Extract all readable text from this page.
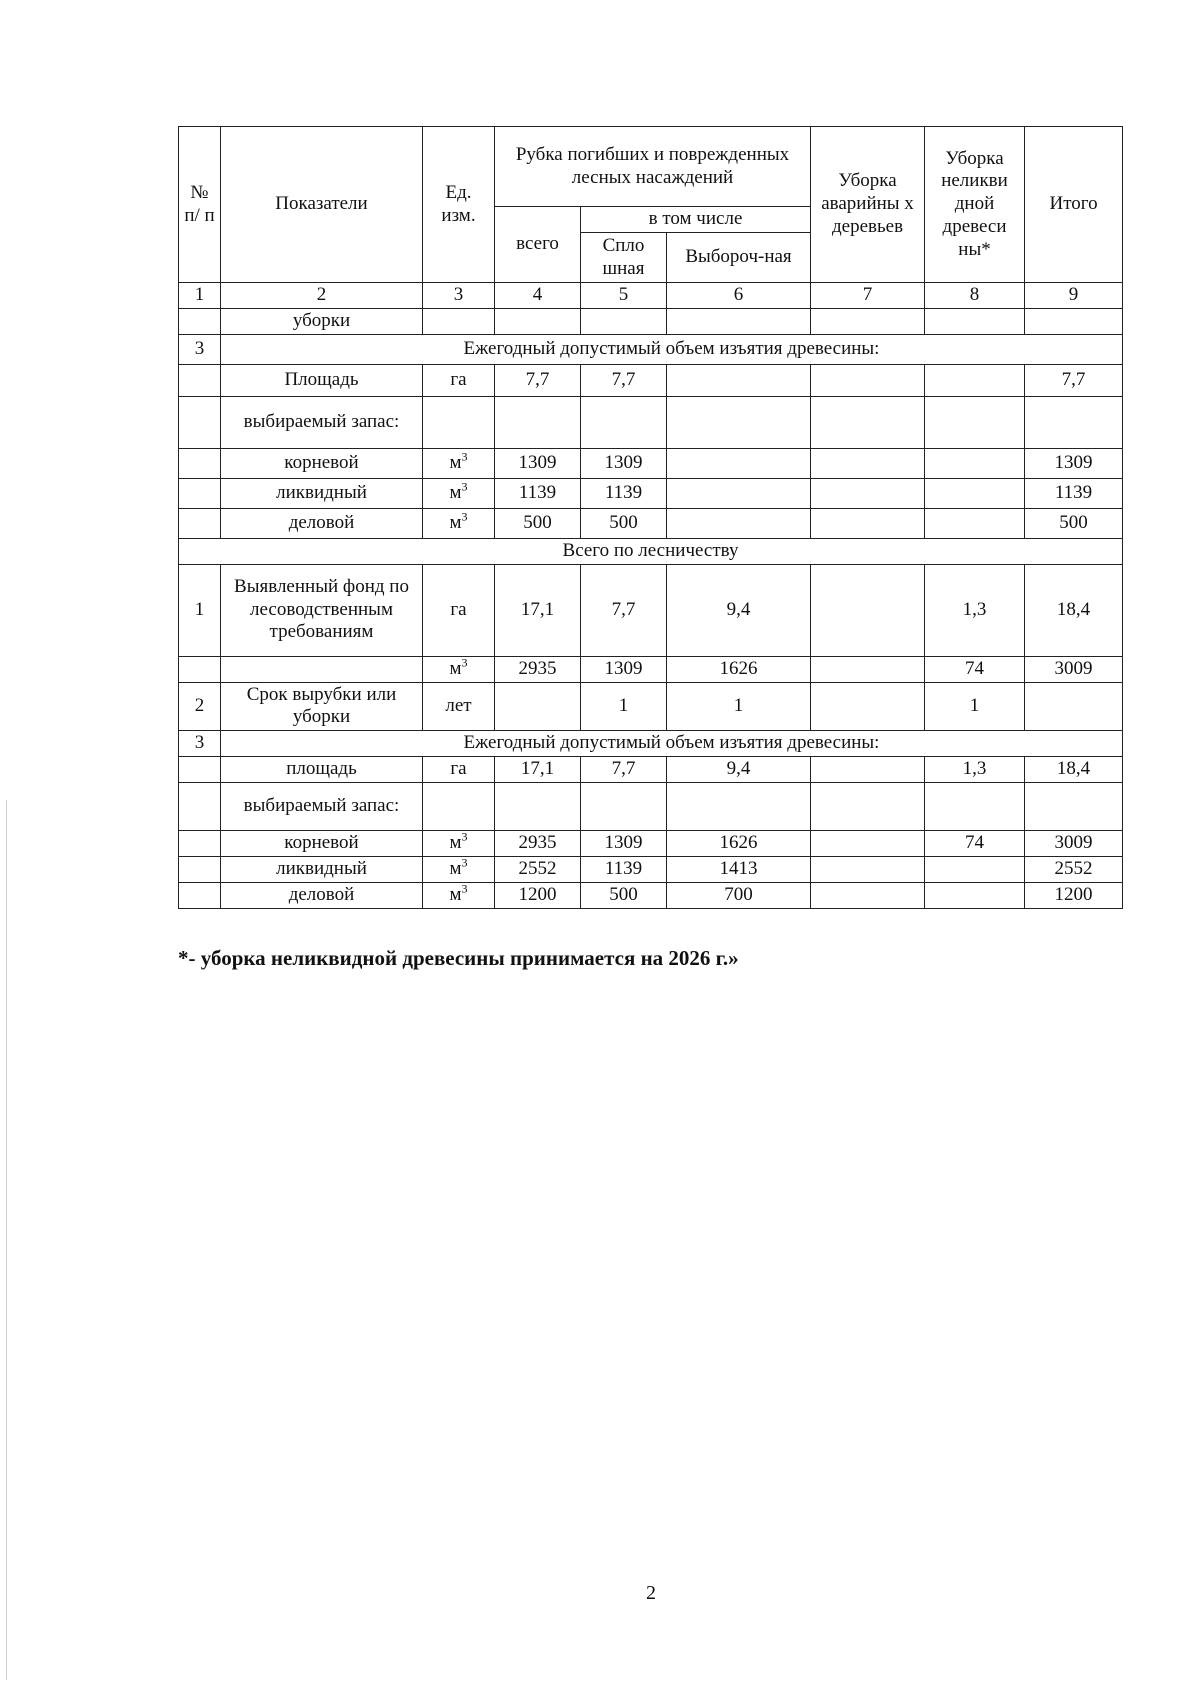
№ п/ п	Показатели	Ед. изм.	Рубка погибших и поврежденных лесных насаждений			Уборка аварийны х деревьев	Уборка неликви дной древеси ны*	Итого
			всего	в том числе				
				Спло шная	Выбороч-ная			
1	2	3	4	5	6	7	8	9
	уборки							
3	Ежегодный допустимый объем изъятия древесины:							
	Площадь	га	7,7	7,7				7,7
	выбираемый запас:							
	корневой	$м^3$	1309	1309				1309
	ликвидный	$м^3$	1139	1139				1139
	деловой	$м^3$	500	500				500
Всего по лесничеству								
1	Выявленный фонд по лесоводственным требованиям	га	17,1	7,7	9,4		1,3	18,4
		$м^3$	2935	1309	1626		74	3009
2	Срок вырубки или уборки	лет		1	1		1	
3	Ежегодный допустимый объем изъятия древесины:							
	площадь	га	17,1	7,7	9,4		1,3	18,4
	выбираемый запас:							
	корневой	$м^3$	2935	1309	1626		74	3009
	ликвидный	$м^3$	2552	1139	1413			2552
	деловой	$м^3$	1200	500	700			1200
*- уборка неликвидной древесины принимается на 2026 г.»
2
